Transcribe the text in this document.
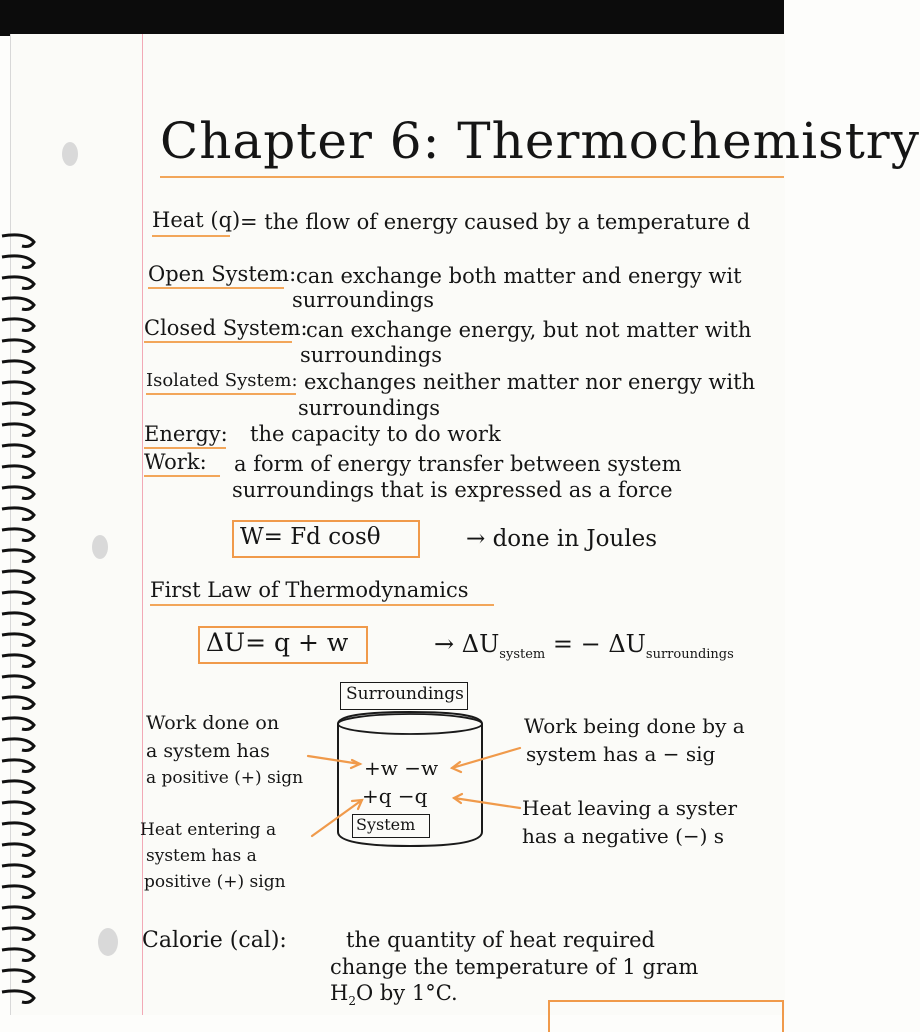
Chapter 6: Thermochemistry
Heat (q) = the flow of energy caused by a temperature d
Open System: can exchange both matter and energy wit
surroundings
Closed System:
can exchange energy, but not matter with
surroundings
Isolated System: exchanges neither matter nor energy with
surroundings
Energy: the capacity to do work
Work: a form of energy transfer between system
surroundings that is expressed as a force
W= Fd cosθ	→ done in Joules
First Law of Thermodynamics
ΔU= q + w	→ $\Delta U_{system}$ = − $\Delta U_{surroundings}$
Surroundings
+w −w
+q −q
System
Work done on
a system has
a positive (+) sign
Heat entering a
system has a
positive (+) sign
Work being done by a
system has a − sig
Heat leaving a syster
has a negative (−) s
Calorie (cal):	the quantity of heat required
change the temperature of 1 gram
$H_2O$ by 1°C.
